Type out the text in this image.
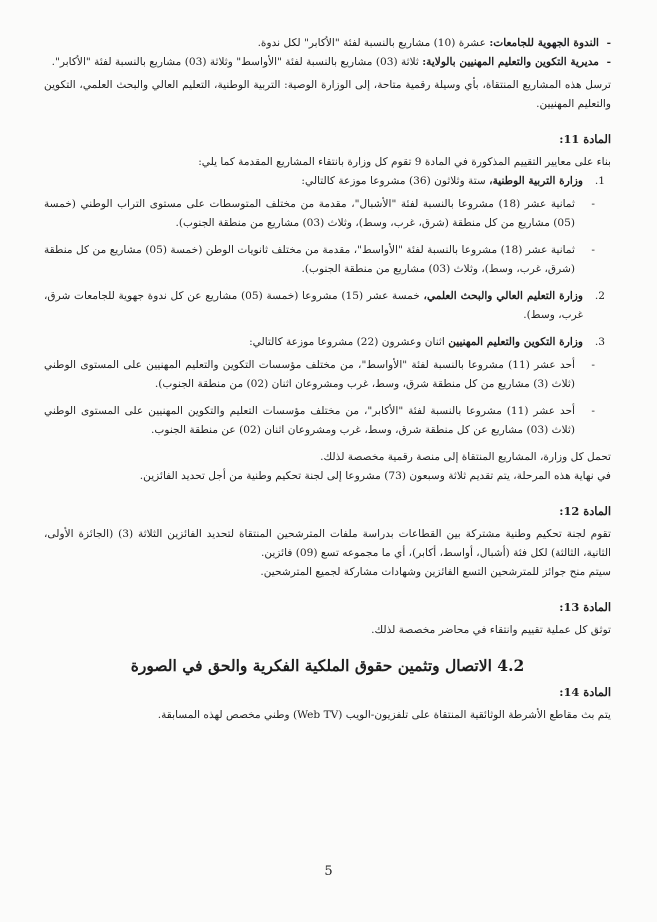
- الندوة الجهوية للجامعات: عشرة (10) مشاريع بالنسبة لفئة "الأكابر" لكل ندوة.

- مديرية التكوين والتعليم المهنيين بالولاية: ثلاثة (03) مشاريع بالنسبة لفئة "الأواسط" وثلاثة (03) مشاريع بالنسبة لفئة "الأكابر".

ترسل هذه المشاريع المنتقاة، بأي وسيلة رقمية متاحة، إلى الوزارة الوصية: التربية الوطنية، التعليم العالي والبحث العلمي، التكوين والتعليم المهنيين.

المادة 11:

بناء على معايير التقييم المذكورة في المادة 9 تقوم كل وزارة بانتقاء المشاريع المقدمة كما يلي:

1.

وزارة التربية الوطنية، ستة وثلاثون (36) مشروعا موزعة كالتالي:

- ثمانية عشر (18) مشروعا بالنسبة لفئة "الأشبال"، مقدمة من مختلف المتوسطات على مستوى التراب الوطني (خمسة (05) مشاريع من كل منطقة (شرق، غرب، وسط)، وثلاث (03) مشاريع من منطقة الجنوب).

- ثمانية عشر (18) مشروعا بالنسبة لفئة "الأواسط"، مقدمة من مختلف ثانويات الوطن (خمسة (05) مشاريع من كل منطقة (شرق، غرب، وسط)، وثلاث (03) مشاريع من منطقة الجنوب).

2.

وزارة التعليم العالي والبحث العلمي، خمسة عشر (15) مشروعا (خمسة (05) مشاريع عن كل ندوة جهوية للجامعات شرق، غرب، وسط).

3.

وزارة التكوين والتعليم المهنيين اثنان وعشرون (22) مشروعا موزعة كالتالي:

- أحد عشر (11) مشروعا بالنسبة لفئة "الأواسط"، من مختلف مؤسسات التكوين والتعليم المهنيين على المستوى الوطني (ثلاث (3) مشاريع من كل منطقة شرق، وسط، غرب ومشروعان اثنان (02) من منطقة الجنوب).

- أحد عشر (11) مشروعا بالنسبة لفئة "الأكابر"، من مختلف مؤسسات التعليم والتكوين المهنيين على المستوى الوطني (ثلاث (03) مشاريع عن كل منطقة شرق، وسط، غرب ومشروعان اثنان (02) عن منطقة الجنوب.

تحمل كل وزارة، المشاريع المنتقاة إلى منصة رقمية مخصصة لذلك.

في نهاية هذه المرحلة، يتم تقديم ثلاثة وسبعون (73) مشروعا إلى لجنة تحكيم وطنية من أجل تحديد الفائزين.

المادة 12:

تقوم لجنة تحكيم وطنية مشتركة بين القطاعات بدراسة ملفات المترشحين المنتقاة لتحديد الفائزين الثلاثة (3) (الجائزة الأولى، الثانية، الثالثة) لكل فئة (أشبال، أواسط، أكابر)، أي ما مجموعه تسع (09) فائزين.

سيتم منح جوائز للمترشحين التسع الفائزين وشهادات مشاركة لجميع المترشحين.

المادة 13:

توثق كل عملية تقييم وانتقاء في محاضر مخصصة لذلك.

4.2 الاتصال وتثمين حقوق الملكية الفكرية والحق في الصورة

المادة 14:

يتم بث مقاطع الأشرطة الوثائقية المنتقاة على تلفزيون-الويب (Web TV) وطني مخصص لهذه المسابقة.

5
